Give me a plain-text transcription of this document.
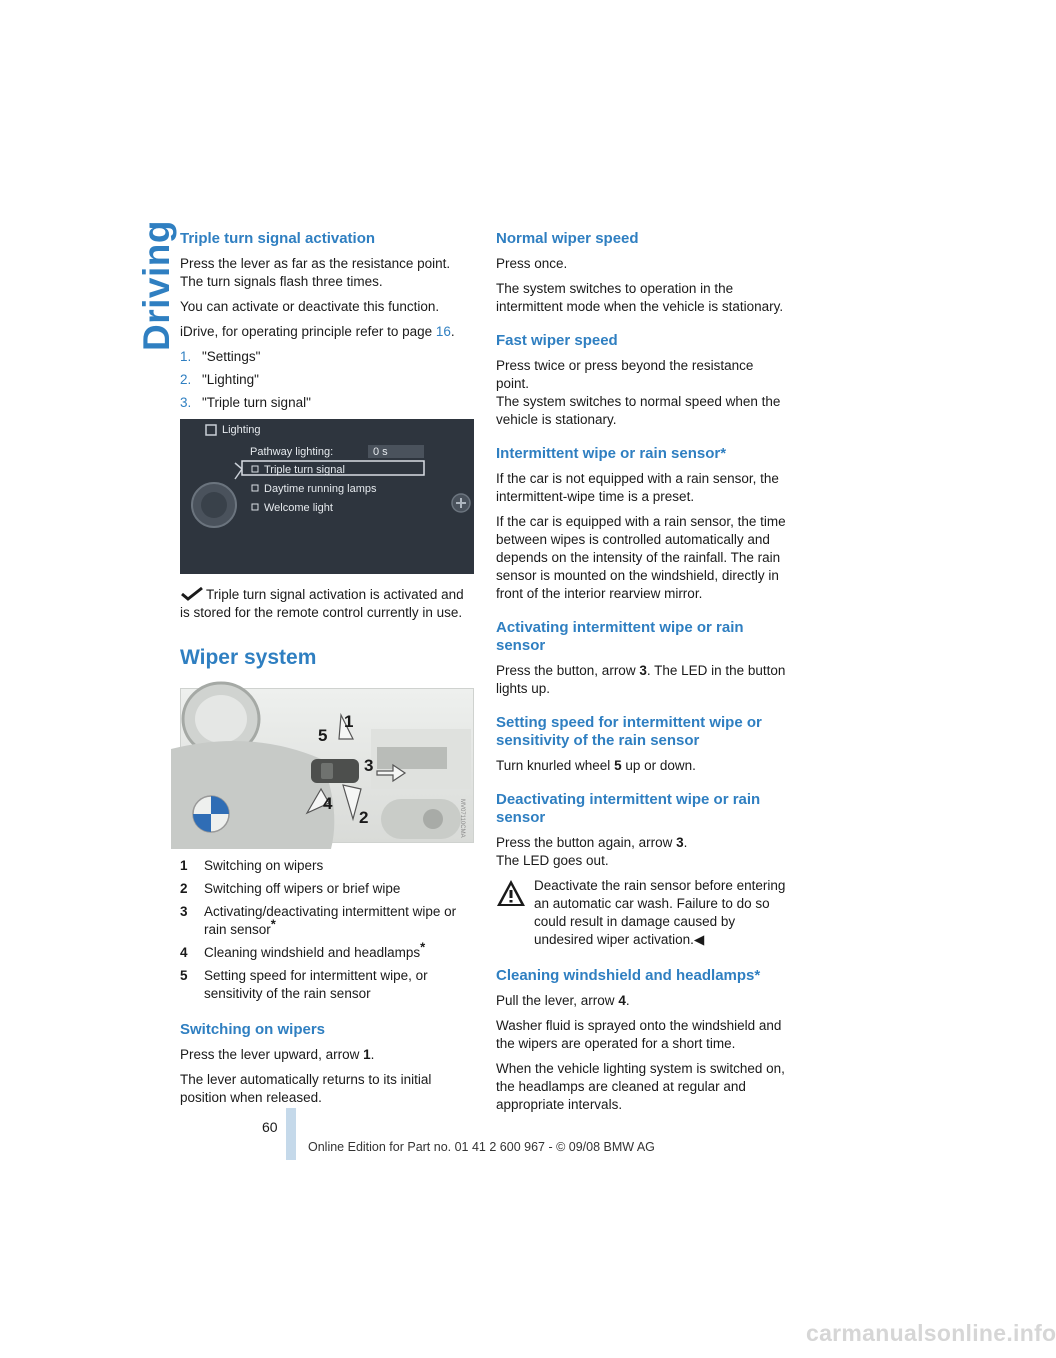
Driving Triple turn signal activation

Press the lever as far as the resistance point. The turn signals flash three times.

You can activate or deactivate this function.

iDrive, for operating principle refer to page 16.

1. "Settings"
2. "Lighting"
3. "Triple turn signal"
Lighting
Pathway lighting:	0 s
Triple turn signal
Daytime running lamps
Welcome light

Triple turn signal activation is activated and is stored for the remote control currently in use.

Wiper system
1
5
3
4
2	MV07110CMA
1	Switching on wipers
2	Switching off wipers or brief wipe
3	Activating/deactivating intermittent wipe or rain sensor*
4	Cleaning windshield and headlamps*
5	Setting speed for intermittent wipe, or sensitivity of the rain sensor
Switching on wipers

Press the lever upward, arrow 1.

The lever automatically returns to its initial position when released.

Normal wiper speed

Press once.

The system switches to operation in the intermittent mode when the vehicle is stationary.

Fast wiper speed

Press twice or press beyond the resistance point.

The system switches to normal speed when the vehicle is stationary.

Intermittent wipe or rain sensor*

If the car is not equipped with a rain sensor, the intermittent-wipe time is a preset.

If the car is equipped with a rain sensor, the time between wipes is controlled automatically and depends on the intensity of the rainfall. The rain sensor is mounted on the windshield, directly in front of the interior rearview mirror.

Activating intermittent wipe or rain sensor

Press the button, arrow 3. The LED in the button lights up.

Setting speed for intermittent wipe or sensitivity of the rain sensor

Turn knurled wheel 5 up or down.

Deactivating intermittent wipe or rain sensor

Press the button again, arrow 3.

The LED goes out.

Deactivate the rain sensor before entering an automatic car wash. Failure to do so could result in damage caused by undesired wiper activation.◀
Cleaning windshield and headlamps*

Pull the lever, arrow 4.

Washer fluid is sprayed onto the windshield and the wipers are operated for a short time.

When the vehicle lighting system is switched on, the headlamps are cleaned at regular and appropriate intervals.

60
Online Edition for Part no. 01 41 2 600 967 - © 09/08 BMW AG
carmanualsonline.info
